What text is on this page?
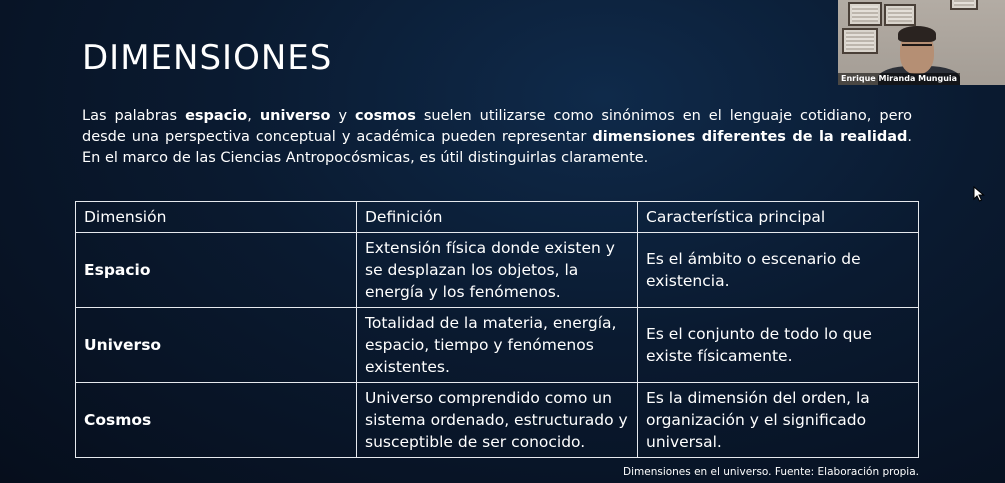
DIMENSIONES

Las palabras espacio, universo y cosmos suelen utilizarse como sinónimos en el lenguaje cotidiano, pero desde una perspectiva conceptual y académica pueden representar dimensiones diferentes de la realidad. En el marco de las Ciencias Antropocósmicas, es útil distinguirlas claramente.

Dimensión	Definición	Característica principal
Espacio	Extensión física donde existen y se desplazan los objetos, la energía y los fenómenos.	Es el ámbito o escenario de existencia.
Universo	Totalidad de la materia, energía, espacio, tiempo y fenómenos existentes.	Es el conjunto de todo lo que existe físicamente.
Cosmos	Universo comprendido como un sistema ordenado, estructurado y susceptible de ser conocido.	Es la dimensión del orden, la organización y el significado universal.
Dimensiones en el universo. Fuente: Elaboración propia.
Enrique Miranda Munguia
